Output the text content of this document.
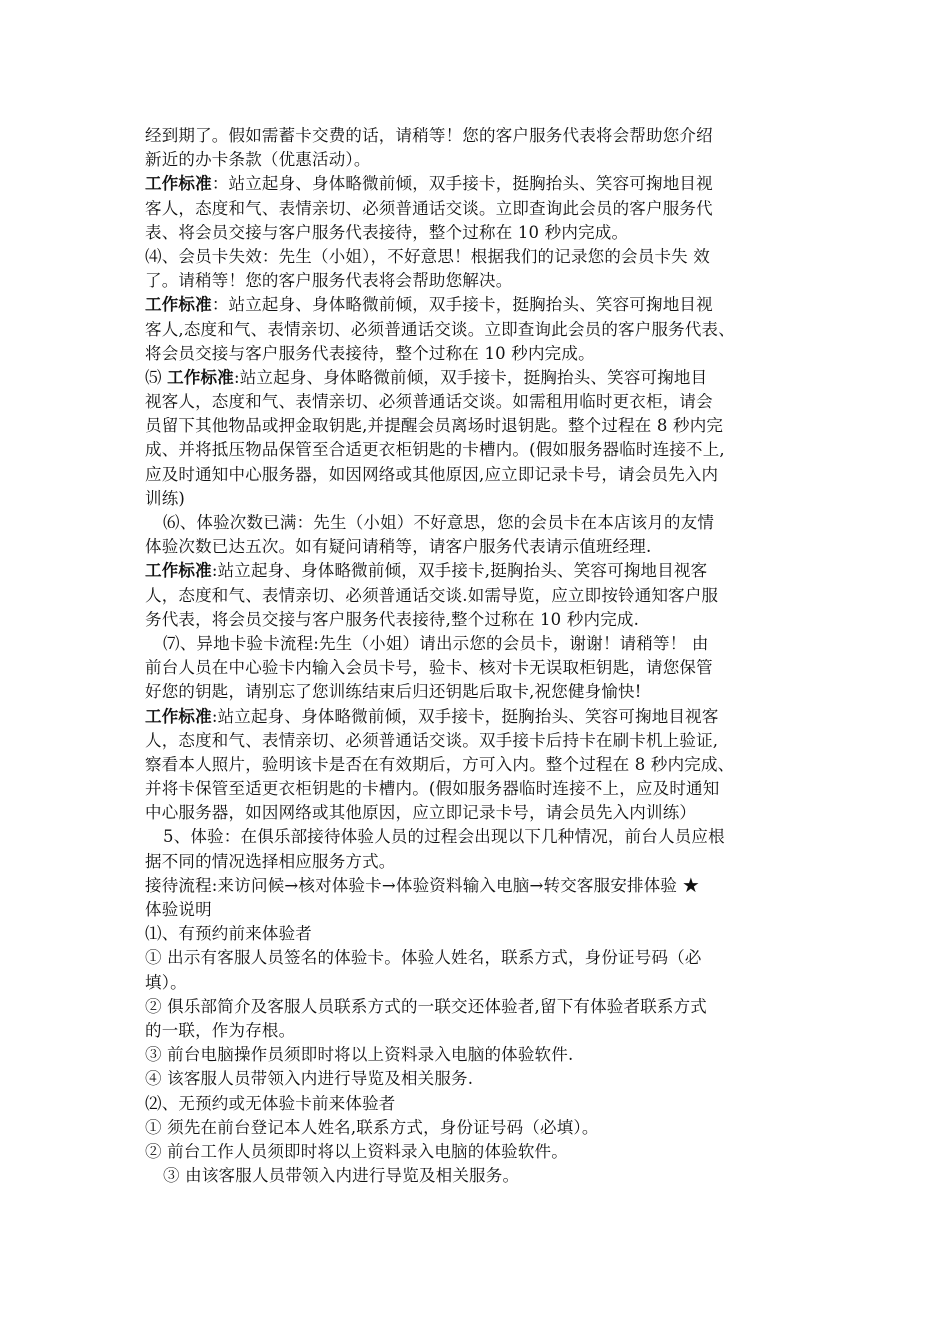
经到期了。假如需蓄卡交费的话，请稍等！您的客户服务代表将会帮助您介绍
新近的办卡条款（优惠活动）。
工作标准：站立起身、身体略微前倾，双手接卡，挺胸抬头、笑容可掬地目视
客人，态度和气、表情亲切、必须普通话交谈。立即查询此会员的客户服务代
表、将会员交接与客户服务代表接待，整个过称在 10 秒内完成。
⑷、会员卡失效：先生（小姐），不好意思！根据我们的记录您的会员卡失 效
了。请稍等！您的客户服务代表将会帮助您解决。
工作标准：站立起身、身体略微前倾，双手接卡，挺胸抬头、笑容可掬地目视
客人,态度和气、表情亲切、必须普通话交谈。立即查询此会员的客户服务代表、
将会员交接与客户服务代表接待，整个过称在 10 秒内完成。
⑸ 工作标准:站立起身、身体略微前倾，双手接卡，挺胸抬头、笑容可掬地目
视客人，态度和气、表情亲切、必须普通话交谈。如需租用临时更衣柜，请会
员留下其他物品或押金取钥匙,并提醒会员离场时退钥匙。整个过程在 8 秒内完
成、并将抵压物品保管至合适更衣柜钥匙的卡槽内。(假如服务器临时连接不上,
应及时通知中心服务器，如因网络或其他原因,应立即记录卡号，请会员先入内
训练)
⑹、体验次数已满：先生（小姐）不好意思，您的会员卡在本店该月的友情
体验次数已达五次。如有疑问请稍等，请客户服务代表请示值班经理.
工作标准:站立起身、身体略微前倾，双手接卡,挺胸抬头、笑容可掬地目视客
人，态度和气、表情亲切、必须普通话交谈.如需导览，应立即按铃通知客户服
务代表，将会员交接与客户服务代表接待,整个过称在 10 秒内完成.
⑺、异地卡验卡流程:先生（小姐）请出示您的会员卡，谢谢！请稍等！ 由
前台人员在中心验卡内输入会员卡号，验卡、核对卡无误取柜钥匙，请您保管
好您的钥匙，请别忘了您训练结束后归还钥匙后取卡,祝您健身愉快!
工作标准:站立起身、身体略微前倾，双手接卡，挺胸抬头、笑容可掬地目视客
人，态度和气、表情亲切、必须普通话交谈。双手接卡后持卡在刷卡机上验证,
察看本人照片，验明该卡是否在有效期后，方可入内。整个过程在 8 秒内完成、
并将卡保管至适更衣柜钥匙的卡槽内。(假如服务器临时连接不上，应及时通知
中心服务器，如因网络或其他原因，应立即记录卡号，请会员先入内训练）
5、体验：在俱乐部接待体验人员的过程会出现以下几种情况，前台人员应根
据不同的情况选择相应服务方式。
接待流程:来访问候→核对体验卡→体验资料输入电脑→转交客服安排体验 ★
体验说明
⑴、有预约前来体验者
① 出示有客服人员签名的体验卡。体验人姓名，联系方式，身份证号码（必
填）。
② 俱乐部简介及客服人员联系方式的一联交还体验者,留下有体验者联系方式
的一联，作为存根。
③ 前台电脑操作员须即时将以上资料录入电脑的体验软件.
④ 该客服人员带领入内进行导览及相关服务.
⑵、无预约或无体验卡前来体验者
① 须先在前台登记本人姓名,联系方式，身份证号码（必填）。
② 前台工作人员须即时将以上资料录入电脑的体验软件。
③ 由该客服人员带领入内进行导览及相关服务。
